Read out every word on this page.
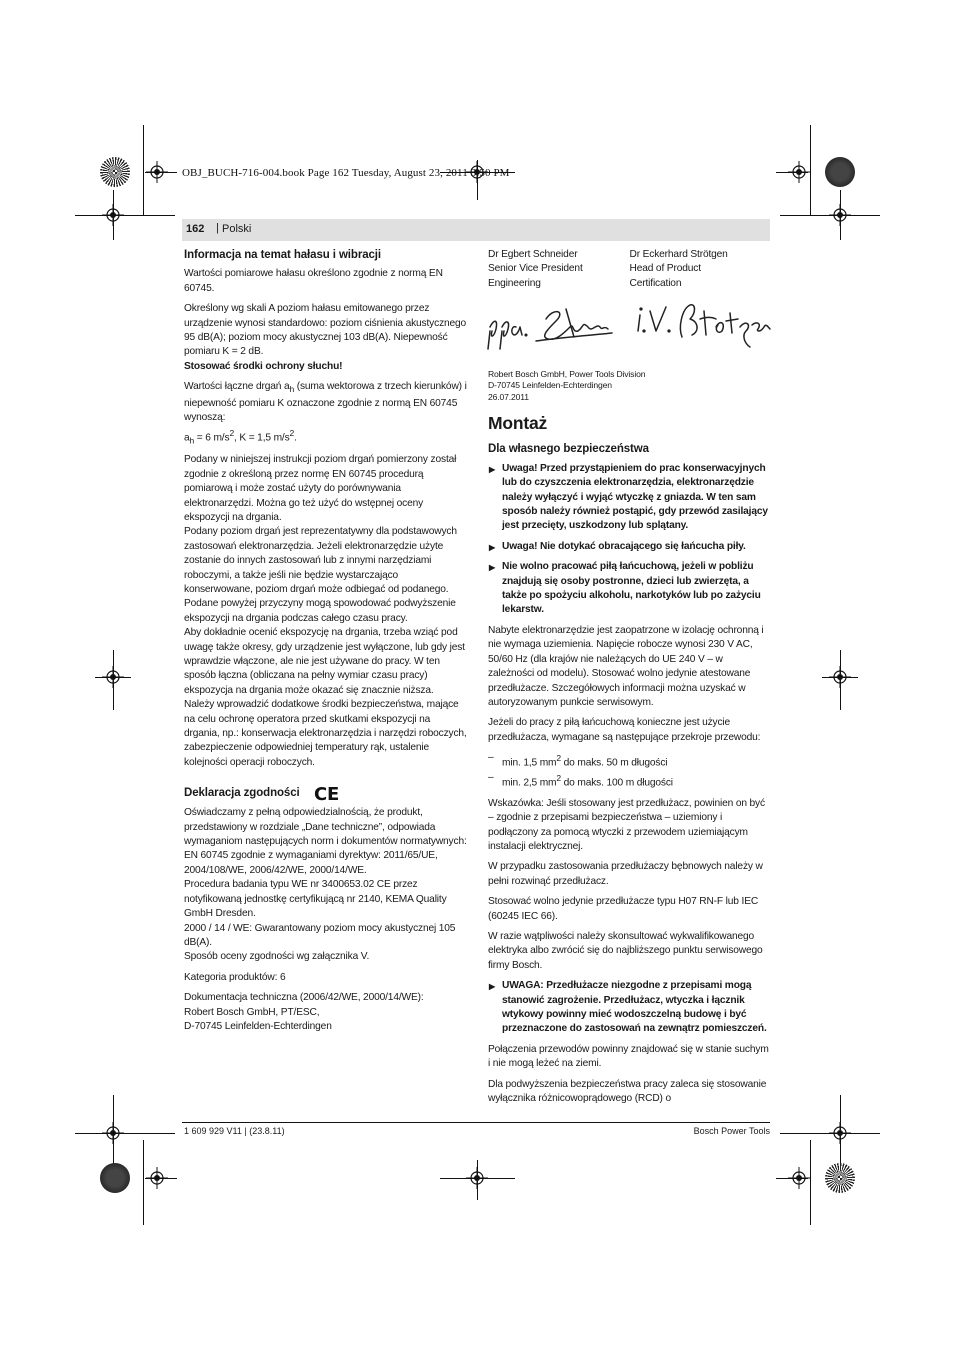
OBJ_BUCH-716-004.book Page 162 Tuesday, August 23, 2011 3:50 PM
162 | Polski
Informacja na temat hałasu i wibracji
Wartości pomiarowe hałasu określono zgodnie z normą EN 60745.
Określony wg skali A poziom hałasu emitowanego przez urządzenie wynosi standardowo: poziom ciśnienia akustycznego 95 dB(A); poziom mocy akustycznej 103 dB(A). Niepewność pomiaru K = 2 dB.
Stosować środki ochrony słuchu!
Wartości łączne drgań $a_h$ (suma wektorowa z trzech kierunków) i niepewność pomiaru K oznaczone zgodnie z normą EN 60745 wynoszą:
$a_h = 6$ $m/s^2$, K = 1,5 $m/s^2$.
Podany w niniejszej instrukcji poziom drgań pomierzony został zgodnie z określoną przez normę EN 60745 procedurą pomiarową i może zostać użyty do porównywania elektronarzędzi. Można go też użyć do wstępnej oceny ekspozycji na drgania.
Podany poziom drgań jest reprezentatywny dla podstawowych zastosowań elektronarzędzia. Jeżeli elektronarzędzie użyte zostanie do innych zastosowań lub z innymi narzędziami roboczymi, a także jeśli nie będzie wystarczająco konserwowane, poziom drgań może odbiegać od podanego. Podane powyżej przyczyny mogą spowodować podwyższenie ekspozycji na drgania podczas całego czasu pracy.
Aby dokładnie ocenić ekspozycję na drgania, trzeba wziąć pod uwagę także okresy, gdy urządzenie jest wyłączone, lub gdy jest wprawdzie włączone, ale nie jest używane do pracy. W ten sposób łączna (obliczana na pełny wymiar czasu pracy) ekspozycja na drgania może okazać się znacznie niższa.
Należy wprowadzić dodatkowe środki bezpieczeństwa, mające na celu ochronę operatora przed skutkami ekspozycji na drgania, np.: konserwacja elektronarzędzia i narzędzi roboczych, zabezpieczenie odpowiedniej temperatury rąk, ustalenie kolejności operacji roboczych.
Deklaracja zgodności CE
Oświadczamy z pełną odpowiedzialnością, że produkt, przedstawiony w rozdziale „Dane techniczne”, odpowiada wymaganiom następujących norm i dokumentów normatywnych: EN 60745 zgodnie z wymaganiami dyrektyw: 2011/65/UE, 2004/108/WE, 2006/42/WE, 2000/14/WE.
Procedura badania typu WE nr 3400653.02 CE przez notyfikowaną jednostkę certyfikującą nr 2140, KEMA Quality GmbH Dresden.
2000 / 14 / WE: Gwarantowany poziom mocy akustycznej 105 dB(A).
Sposób oceny zgodności wg załącznika V.
Kategoria produktów: 6
Dokumentacja techniczna (2006/42/WE, 2000/14/WE):
Robert Bosch GmbH, PT/ESC,
D-70745 Leinfelden-Echterdingen
Dr Egbert Schneider
Senior Vice President
Engineering
Dr Eckerhard Strötgen
Head of Product
Certification
ppa. Schneider i.V. Strötgen
Robert Bosch GmbH, Power Tools Division
D-70745 Leinfelden-Echterdingen
26.07.2011
Montaż
Dla własnego bezpieczeństwa
▶ Uwaga! Przed przystąpieniem do prac konserwacyjnych lub do czyszczenia elektronarzędzia, elektronarzędzie należy wyłączyć i wyjąć wtyczkę z gniazda. W ten sam sposób należy również postąpić, gdy przewód zasilający jest przecięty, uszkodzony lub splątany.
▶ Uwaga! Nie dotykać obracającego się łańcucha piły.
▶ Nie wolno pracować piłą łańcuchową, jeżeli w pobliżu znajdują się osoby postronne, dzieci lub zwierzęta, a także po spożyciu alkoholu, narkotyków lub po zażyciu lekarstw.
Nabyte elektronarzędzie jest zaopatrzone w izolację ochronną i nie wymaga uziemienia. Napięcie robocze wynosi 230 V AC, 50/60 Hz (dla krajów nie należących do UE 240 V – w zależności od modelu). Stosować wolno jedynie atestowane przedłużacze. Szczegółowych informacji można uzyskać w autoryzowanym punkcie serwisowym.
Jeżeli do pracy z piłą łańcuchową konieczne jest użycie przedłużacza, wymagane są następujące przekroje przewodu:
– min. 1,5 $mm^2$ do maks. 50 m długości
– min. 2,5 $mm^2$ do maks. 100 m długości
Wskazówka: Jeśli stosowany jest przedłużacz, powinien on być – zgodnie z przepisami bezpieczeństwa – uziemiony i podłączony za pomocą wtyczki z przewodem uziemiającym instalacji elektrycznej.
W przypadku zastosowania przedłużaczy bębnowych należy w pełni rozwinąć przedłużacz.
Stosować wolno jedynie przedłużacze typu H07 RN-F lub IEC (60245 IEC 66).
W razie wątpliwości należy skonsultować wykwalifikowanego elektryka albo zwrócić się do najbliższego punktu serwisowego firmy Bosch.
▶ UWAGA: Przedłużacze niezgodne z przepisami mogą stanowić zagrożenie. Przedłużacz, wtyczka i łącznik wtykowy powinny mieć wodoszczelną budowę i być przeznaczone do zastosowań na zewnątrz pomieszczeń.
Połączenia przewodów powinny znajdować się w stanie suchym i nie mogą leżeć na ziemi.
Dla podwyższenia bezpieczeństwa pracy zaleca się stosowanie wyłącznika różnicowoprądowego (RCD) o
1 609 929 V11 | (23.8.11)	Bosch Power Tools
